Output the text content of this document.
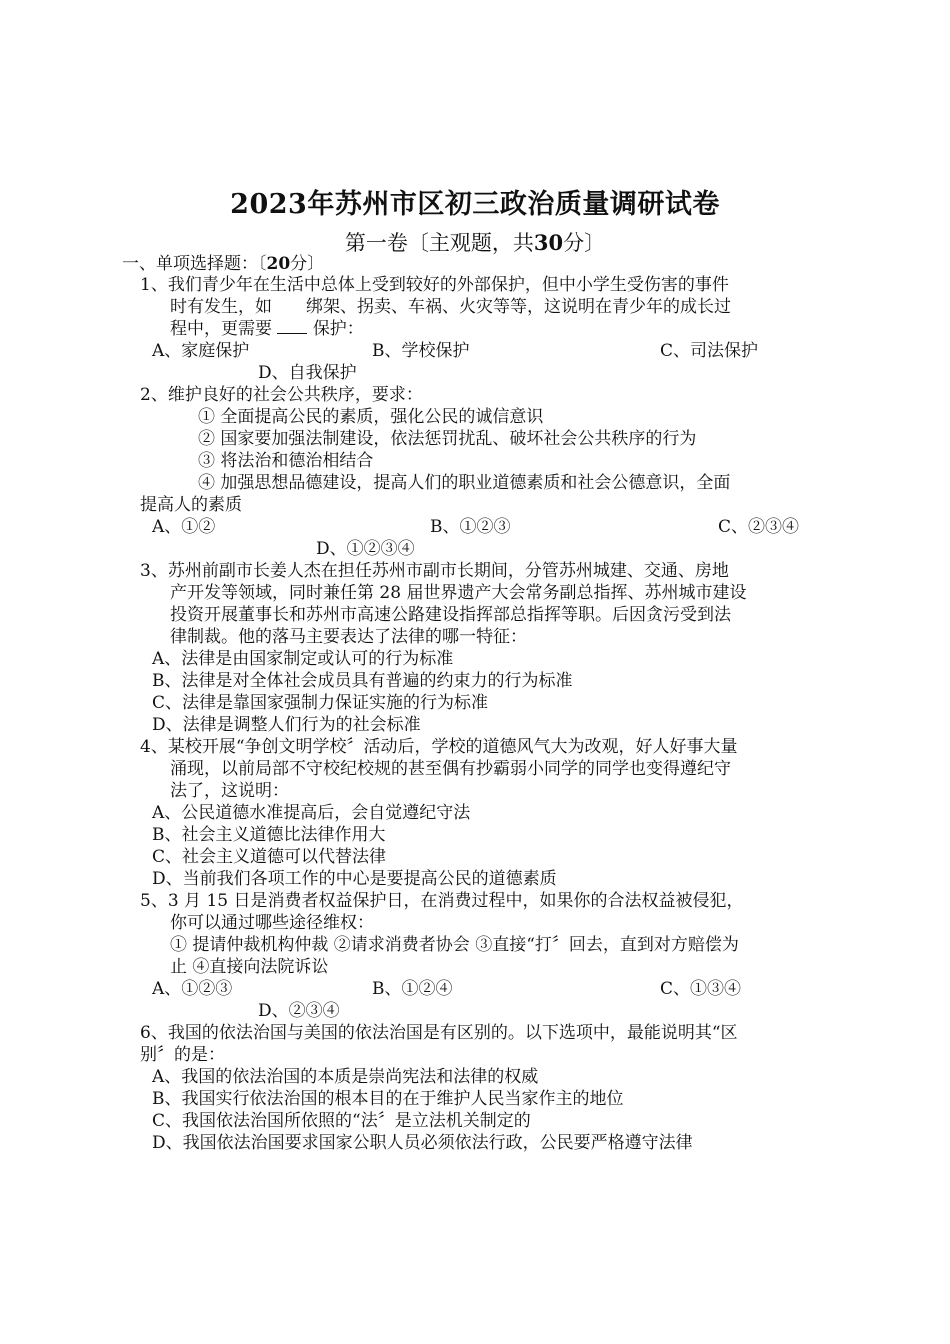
2023年苏州市区初三政治质量调研试卷
第一卷〔主观题，共30分〕
一、单项选择题：〔20分〕
1、我们青少年在生活中总体上受到较好的外部保护，但中小学生受伤害的事件
时有发生，如　　绑架、拐卖、车祸、火灾等等，这说明在青少年的成长过
程中，更需要 保护：
A、家庭保护	B、学校保护	C、司法保护
D、自我保护
2、维护良好的社会公共秩序，要求：
① 全面提高公民的素质，强化公民的诚信意识
② 国家要加强法制建设，依法惩罚扰乱、破坏社会公共秩序的行为
③ 将法治和德治相结合
④ 加强思想品德建设，提高人们的职业道德素质和社会公德意识，全面
提高人的素质
A、①②	B、①②③	C、②③④
D、①②③④
3、苏州前副市长姜人杰在担任苏州市副市长期间，分管苏州城建、交通、房地
产开发等领域，同时兼任第 28 届世界遗产大会常务副总指挥、苏州城市建设
投资开展董事长和苏州市高速公路建设指挥部总指挥等职。后因贪污受到法
律制裁。他的落马主要表达了法律的哪一特征：
A、法律是由国家制定或认可的行为标准
B、法律是对全体社会成员具有普遍的约束力的行为标准
C、法律是靠国家强制力保证实施的行为标准
D、法律是调整人们行为的社会标准
4、某校开展“争创文明学校〞活动后，学校的道德风气大为改观，好人好事大量
涌现，以前局部不守校纪校规的甚至偶有抄霸弱小同学的同学也变得遵纪守
法了，这说明：
A、公民道德水准提高后，会自觉遵纪守法
B、社会主义道德比法律作用大
C、社会主义道德可以代替法律
D、当前我们各项工作的中心是要提高公民的道德素质
5、3 月 15 日是消费者权益保护日，在消费过程中，如果你的合法权益被侵犯，
你可以通过哪些途径维权：
① 提请仲裁机构仲裁 ②请求消费者协会 ③直接“打〞回去，直到对方赔偿为
止 ④直接向法院诉讼
A、①②③	B、①②④	C、①③④
D、②③④
6、我国的依法治国与美国的依法治国是有区别的。以下选项中，最能说明其“区
别〞的是：
A、我国的依法治国的本质是崇尚宪法和法律的权威
B、我国实行依法治国的根本目的在于维护人民当家作主的地位
C、我国依法治国所依照的“法〞是立法机关制定的
D、我国依法治国要求国家公职人员必须依法行政，公民要严格遵守法律
